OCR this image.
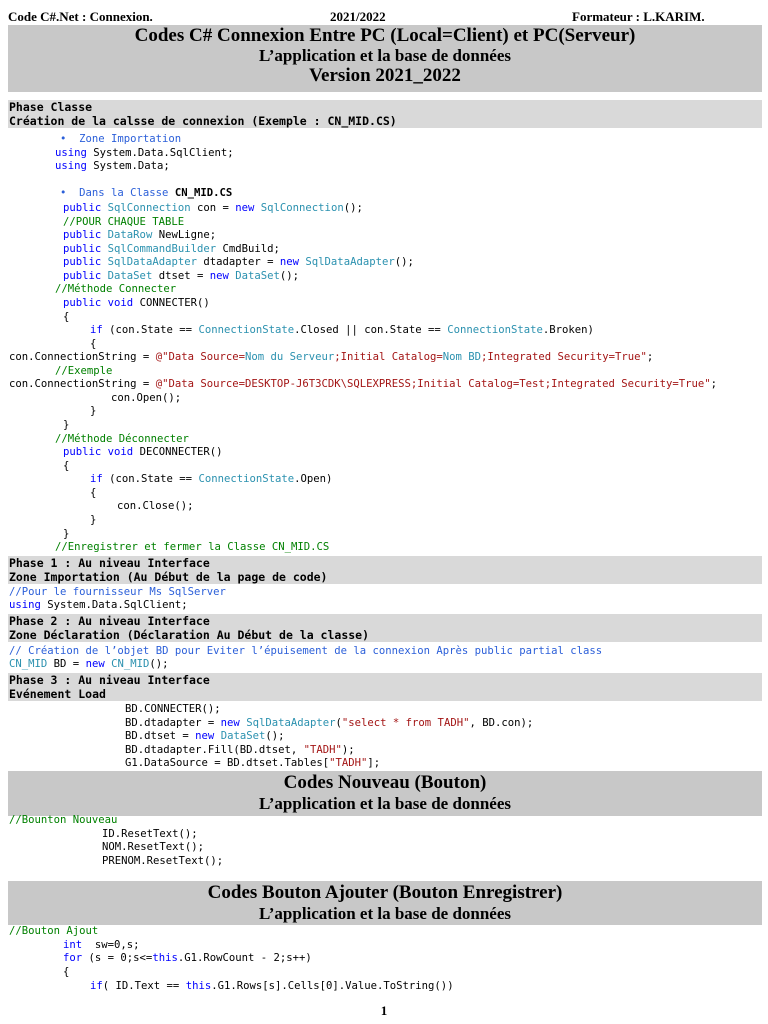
Code C#.Net : Connexion.	2021/2022	Formateur : L.KARIM.
Codes C# Connexion Entre PC (Local=Client) et PC(Serveur)
L’application et la base de données
Version 2021_2022
Phase Classe
Création de la calsse de connexion (Exemple : CN_MID.CS)
•  Zone Importation
using System.Data.SqlClient;
using System.Data;
•  Dans la Classe CN_MID.CS
public SqlConnection con = new SqlConnection();
//POUR CHAQUE TABLE
public DataRow NewLigne;
public SqlCommandBuilder CmdBuild;
public SqlDataAdapter dtadapter = new SqlDataAdapter();
public DataSet dtset = new DataSet();
//Méthode Connecter
public void CONNECTER()
{
if (con.State == ConnectionState.Closed || con.State == ConnectionState.Broken)
{
con.ConnectionString = @"Data Source=Nom du Serveur;Initial Catalog=Nom BD;Integrated Security=True";
//Exemple
con.ConnectionString = @"Data Source=DESKTOP-J6T3CDK\SQLEXPRESS;Initial Catalog=Test;Integrated Security=True";
con.Open();
}
}
//Méthode Déconnecter
public void DECONNECTER()
{
if (con.State == ConnectionState.Open)
{
con.Close();
}
}
//Enregistrer et fermer la Classe CN_MID.CS
Phase 1 : Au niveau Interface
Zone Importation (Au Début de la page de code)
//Pour le fournisseur Ms SqlServer
using System.Data.SqlClient;
Phase 2 : Au niveau Interface
Zone Déclaration (Déclaration Au Début de la classe)
// Création de l’objet BD pour Eviter l’épuisement de la connexion Après public partial class
CN_MID BD = new CN_MID();
Phase 3 : Au niveau Interface
Evénement Load
BD.CONNECTER();
BD.dtadapter = new SqlDataAdapter("select * from TADH", BD.con);
BD.dtset = new DataSet();
BD.dtadapter.Fill(BD.dtset, "TADH");
G1.DataSource = BD.dtset.Tables["TADH"];
Codes Nouveau (Bouton)
L’application et la base de données
//Bounton Nouveau
ID.ResetText();
NOM.ResetText();
PRENOM.ResetText();
Codes Bouton Ajouter (Bouton Enregistrer)
L’application et la base de données
//Bouton Ajout
int  sw=0,s;
for (s = 0;s<=this.G1.RowCount - 2;s++)
{
if( ID.Text == this.G1.Rows[s].Cells[0].Value.ToString())
1
